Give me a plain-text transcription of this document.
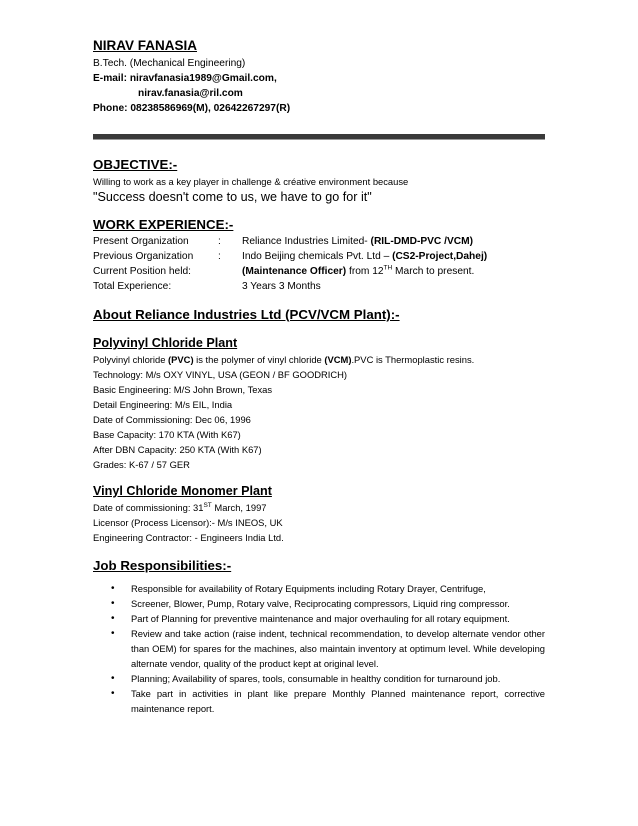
NIRAV FANASIA
B.Tech. (Mechanical Engineering)
E-mail: niravfanasia1989@Gmail.com,
nirav.fanasia@ril.com
Phone: 08238586969(M), 02642267297(R)
OBJECTIVE:-
Willing to work as a key player in challenge & créative environment because
"Success doesn't come to us, we have to go for it"
WORK EXPERIENCE:-
Present Organization	:	Reliance Industries Limited- (RIL-DMD-PVC /VCM)
Previous Organization	:	Indo Beijing chemicals Pvt. Ltd – (CS2-Project,Dahej)
Current Position held:	(Maintenance Officer) from 12TH March to present.
Total Experience:	3 Years 3 Months
About Reliance Industries Ltd (PCV/VCM Plant):-
Polyvinyl Chloride Plant
Polyvinyl chloride (PVC) is the polymer of vinyl chloride (VCM).PVC is Thermoplastic resins.
Technology: M/s OXY VINYL, USA (GEON / BF GOODRICH)
Basic Engineering: M/S John Brown, Texas
Detail Engineering: M/s EIL, India
Date of Commissioning: Dec 06, 1996
Base Capacity: 170 KTA (With K67)
After DBN Capacity: 250 KTA (With K67)
Grades: K-67 / 57 GER
Vinyl Chloride Monomer Plant
Date of commissioning: 31ST March, 1997
Licensor (Process Licensor):- M/s INEOS, UK
Engineering Contractor: - Engineers India Ltd.
Job Responsibilities:-
• Responsible for availability of Rotary Equipments including Rotary Drayer, Centrifuge,
• Screener, Blower, Pump, Rotary valve, Reciprocating compressors, Liquid ring compressor.
• Part of Planning for preventive maintenance and major overhauling for all rotary equipment.
• Review and take action (raise indent, technical recommendation, to develop alternate vendor other than OEM) for spares for the machines, also maintain inventory at optimum level. While developing alternate vendor, quality of the product kept at original level.
• Planning; Availability of spares, tools, consumable in healthy condition for turnaround job.
• Take part in activities in plant like prepare Monthly Planned maintenance report, corrective maintenance report.
